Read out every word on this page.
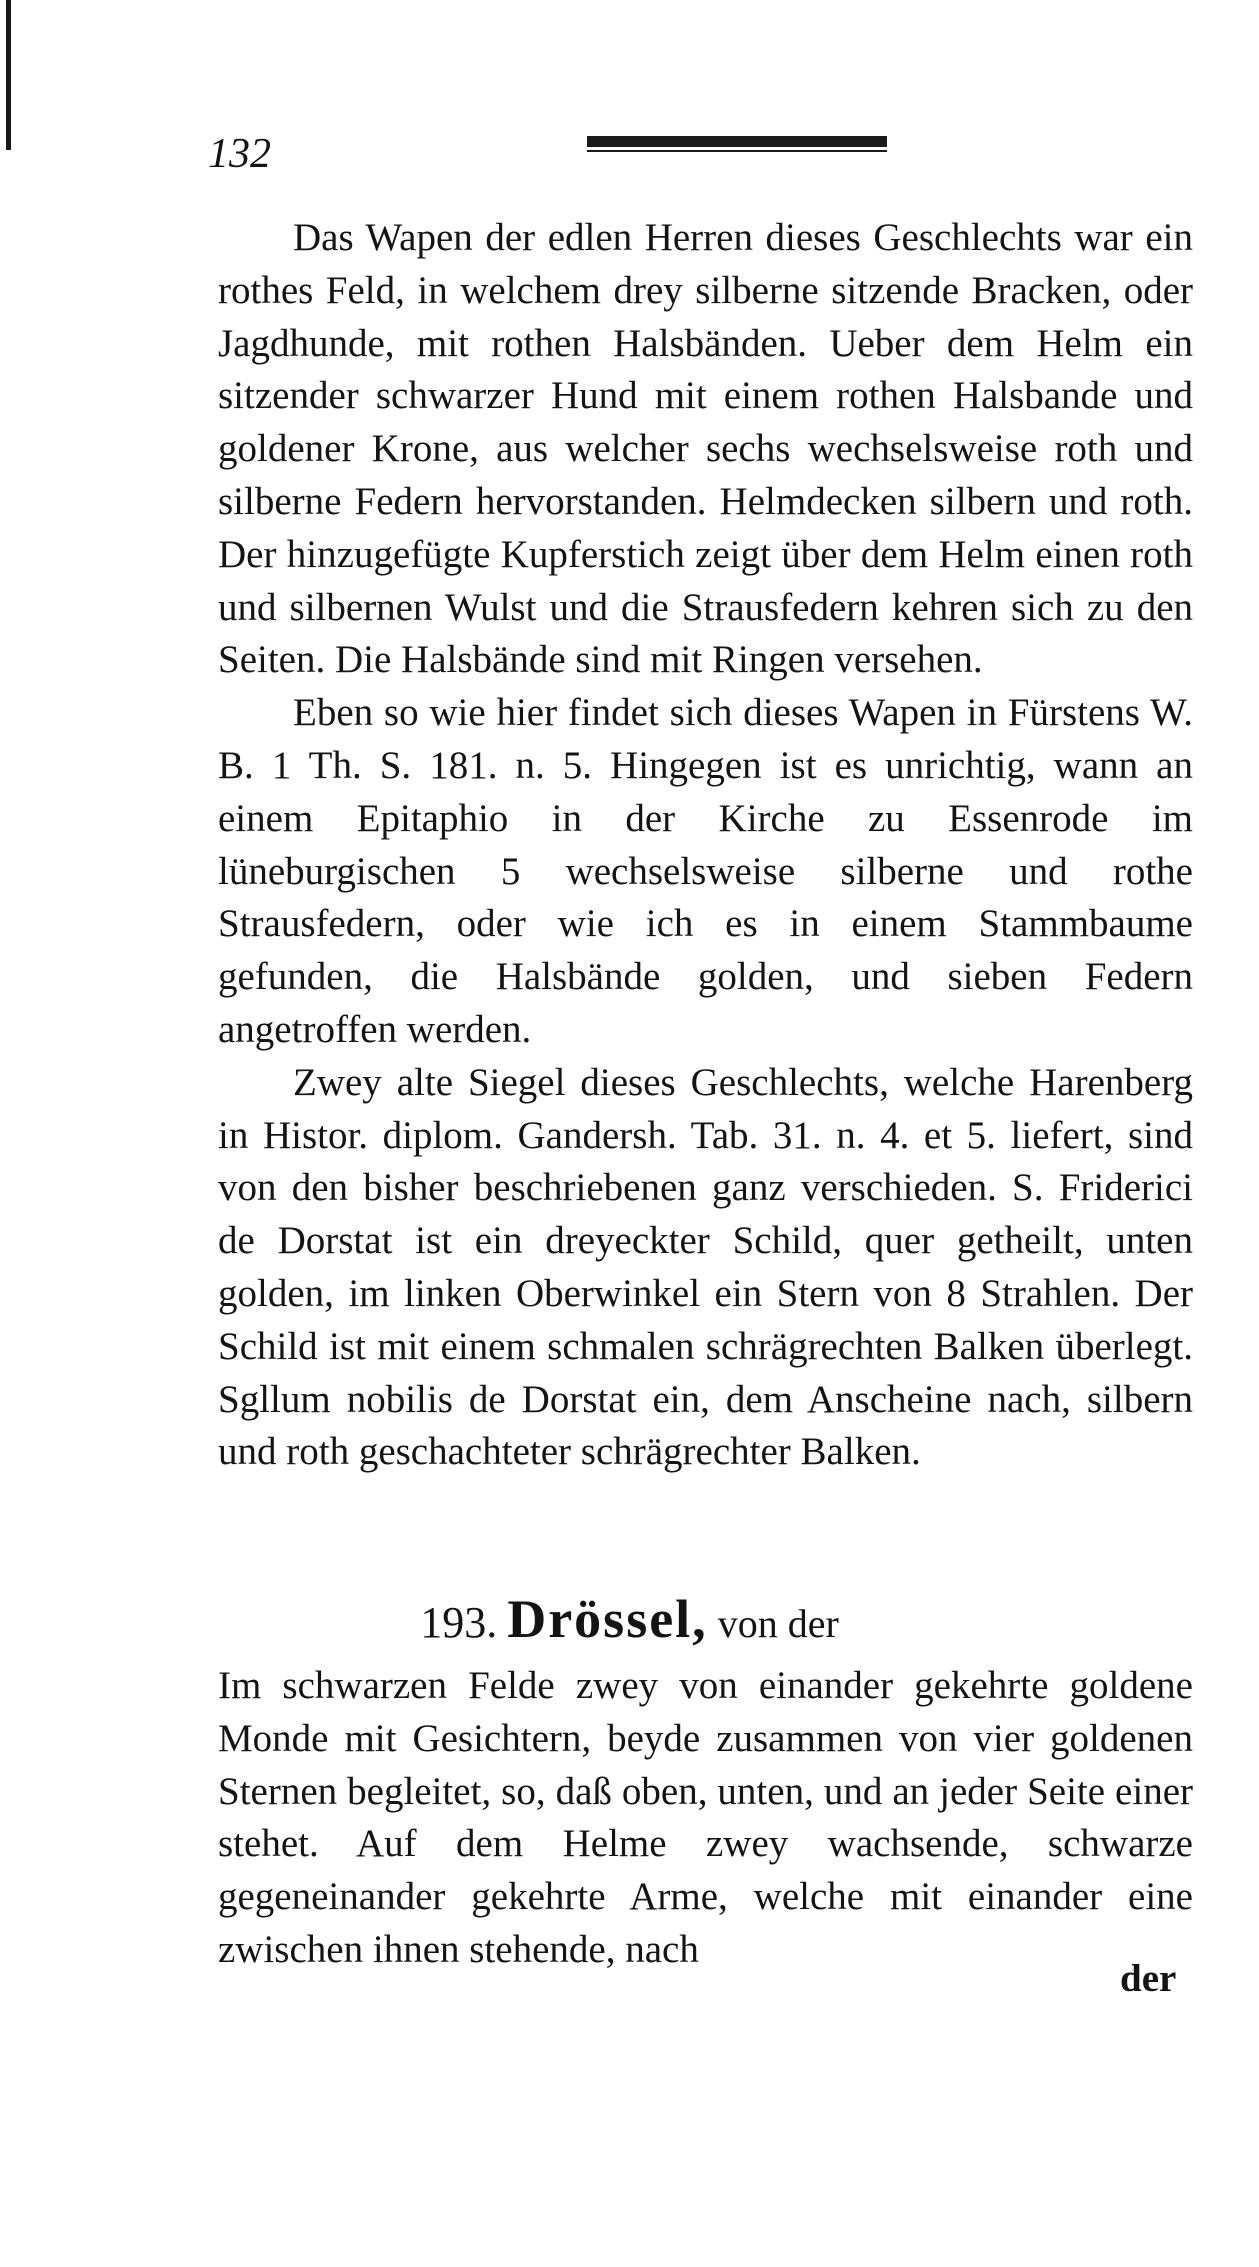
132

Das Wapen der edlen Herren dieses Geschlechts war ein rothes Feld, in welchem drey silberne sitzende Bracken, oder Jagdhunde, mit rothen Halsbänden. Ueber dem Helm ein sitzender schwarzer Hund mit einem rothen Halsbande und goldener Krone, aus welcher sechs wechselsweise roth und silberne Federn hervorstanden. Helmdecken silbern und roth. Der hinzugefügte Kupferstich zeigt über dem Helm einen roth und silbernen Wulst und die Strausfedern kehren sich zu den Seiten. Die Halsbände sind mit Ringen versehen.

Eben so wie hier findet sich dieses Wapen in Fürstens W. B. 1 Th. S. 181. n. 5. Hingegen ist es unrichtig, wann an einem Epitaphio in der Kirche zu Essenrode im lüneburgischen 5 wechselsweise silberne und rothe Strausfedern, oder wie ich es in einem Stammbaume gefunden, die Halsbände golden, und sieben Federn angetroffen werden.

Zwey alte Siegel dieses Geschlechts, welche Harenberg in Histor. diplom. Gandersh. Tab. 31. n. 4. et 5. liefert, sind von den bisher beschriebenen ganz verschieden. S. Friderici de Dorstat ist ein dreyeckter Schild, quer getheilt, unten golden, im linken Oberwinkel ein Stern von 8 Strahlen. Der Schild ist mit einem schmalen schrägrechten Balken überlegt. Sgllum nobilis de Dorstat ein, dem Anscheine nach, silbern und roth geschachteter schrägrechter Balken.

193. Drössel, von der

Im schwarzen Felde zwey von einander gekehrte goldene Monde mit Gesichtern, beyde zusammen von vier goldenen Sternen begleitet, so, daß oben, unten, und an jeder Seite einer stehet. Auf dem Helme zwey wachsende, schwarze gegeneinander gekehrte Arme, welche mit einander eine zwischen ihnen stehende, nach

der
